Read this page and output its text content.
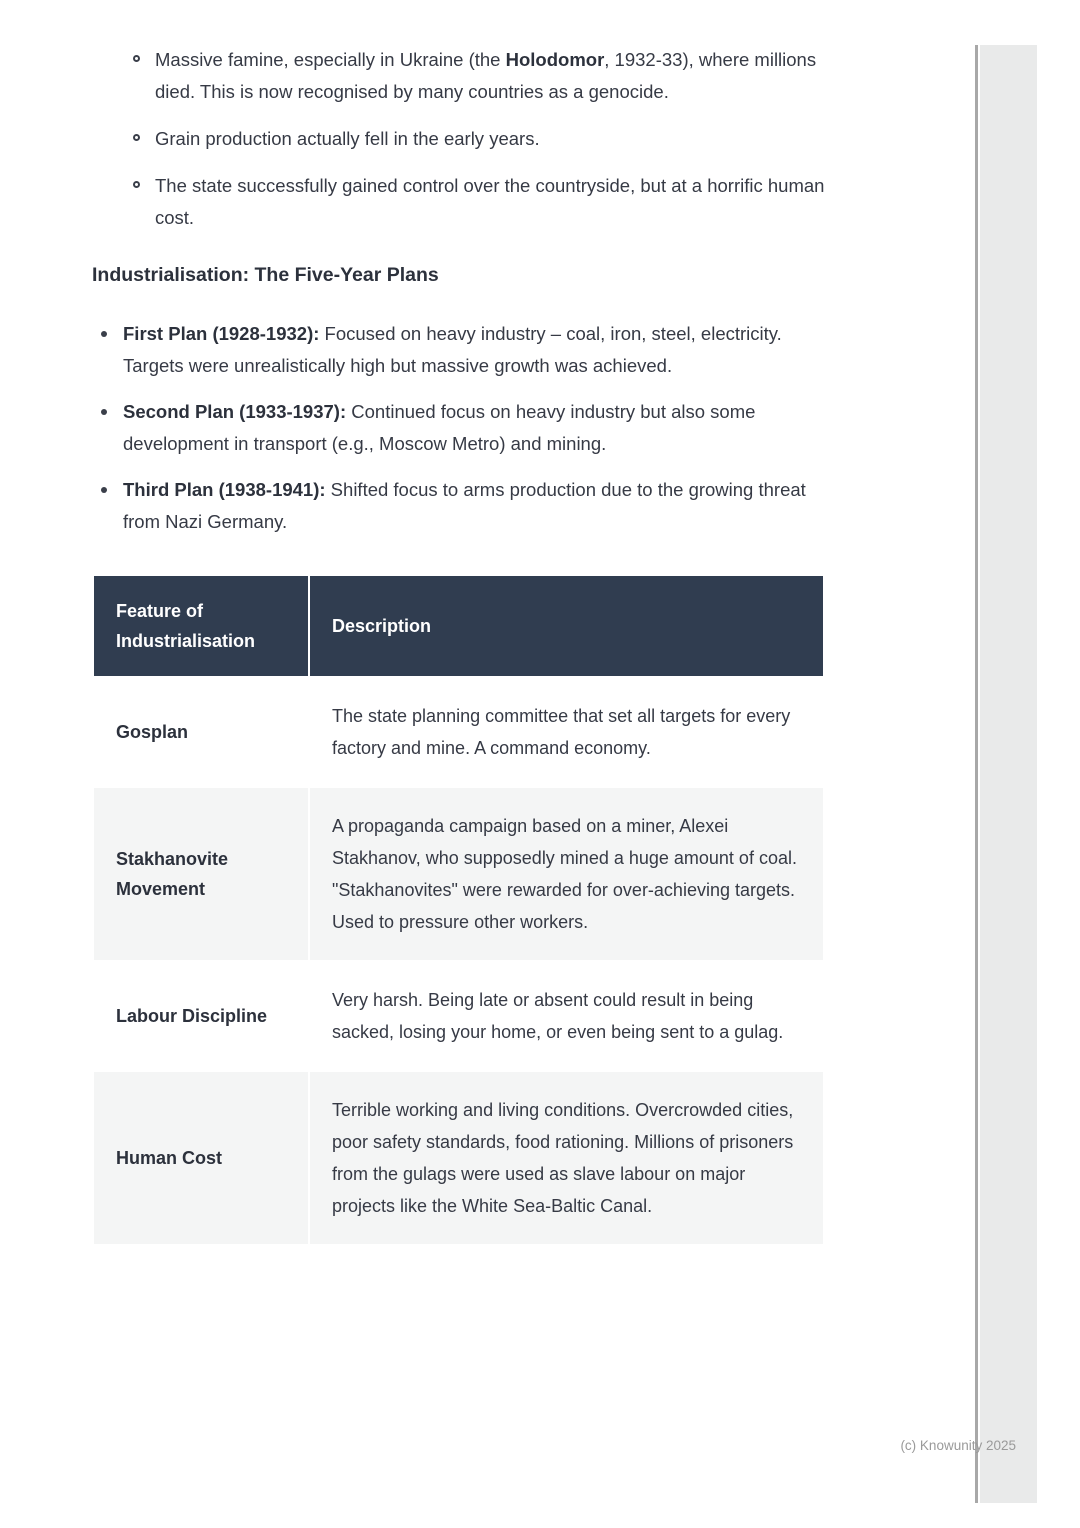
Massive famine, especially in Ukraine (the Holodomor, 1932-33), where millions died. This is now recognised by many countries as a genocide.
Grain production actually fell in the early years.
The state successfully gained control over the countryside, but at a horrific human cost.
Industrialisation: The Five-Year Plans
First Plan (1928-1932): Focused on heavy industry – coal, iron, steel, electricity. Targets were unrealistically high but massive growth was achieved.
Second Plan (1933-1937): Continued focus on heavy industry but also some development in transport (e.g., Moscow Metro) and mining.
Third Plan (1938-1941): Shifted focus to arms production due to the growing threat from Nazi Germany.
Feature of Industrialisation	Description
Gosplan	The state planning committee that set all targets for every factory and mine. A command economy.
Stakhanovite Movement	A propaganda campaign based on a miner, Alexei Stakhanov, who supposedly mined a huge amount of coal. "Stakhanovites" were rewarded for over-achieving targets. Used to pressure other workers.
Labour Discipline	Very harsh. Being late or absent could result in being sacked, losing your home, or even being sent to a gulag.
Human Cost	Terrible working and living conditions. Overcrowded cities, poor safety standards, food rationing. Millions of prisoners from the gulags were used as slave labour on major projects like the White Sea-Baltic Canal.
(c) Knowunity 2025
